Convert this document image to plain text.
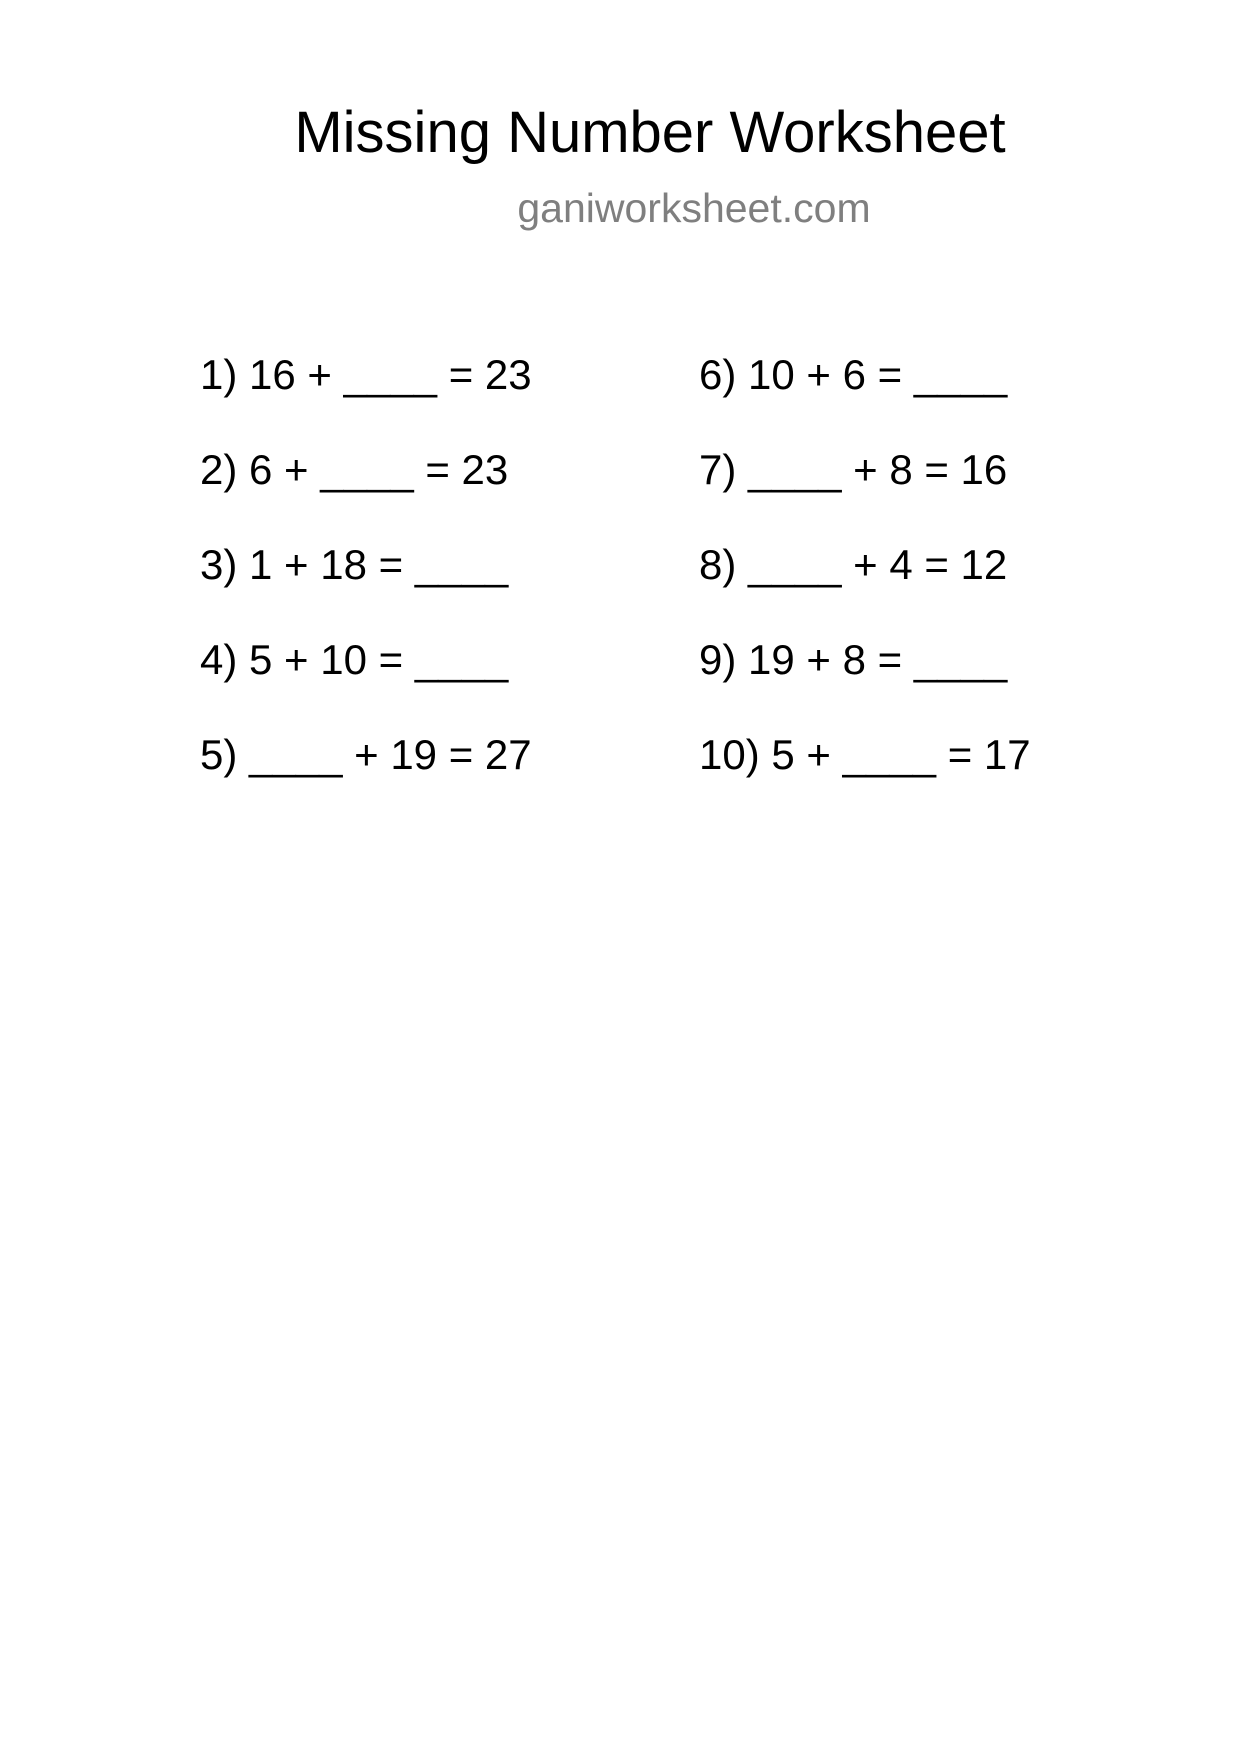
Missing Number Worksheet
ganiworksheet.com
1) 16 + ____ = 23
2) 6 + ____ = 23
3) 1 + 18 = ____
4) 5 + 10 = ____
5) ____ + 19 = 27
6) 10 + 6 = ____
7) ____ + 8 = 16
8) ____ + 4 = 12
9) 19 + 8 = ____
10) 5 + ____ = 17
